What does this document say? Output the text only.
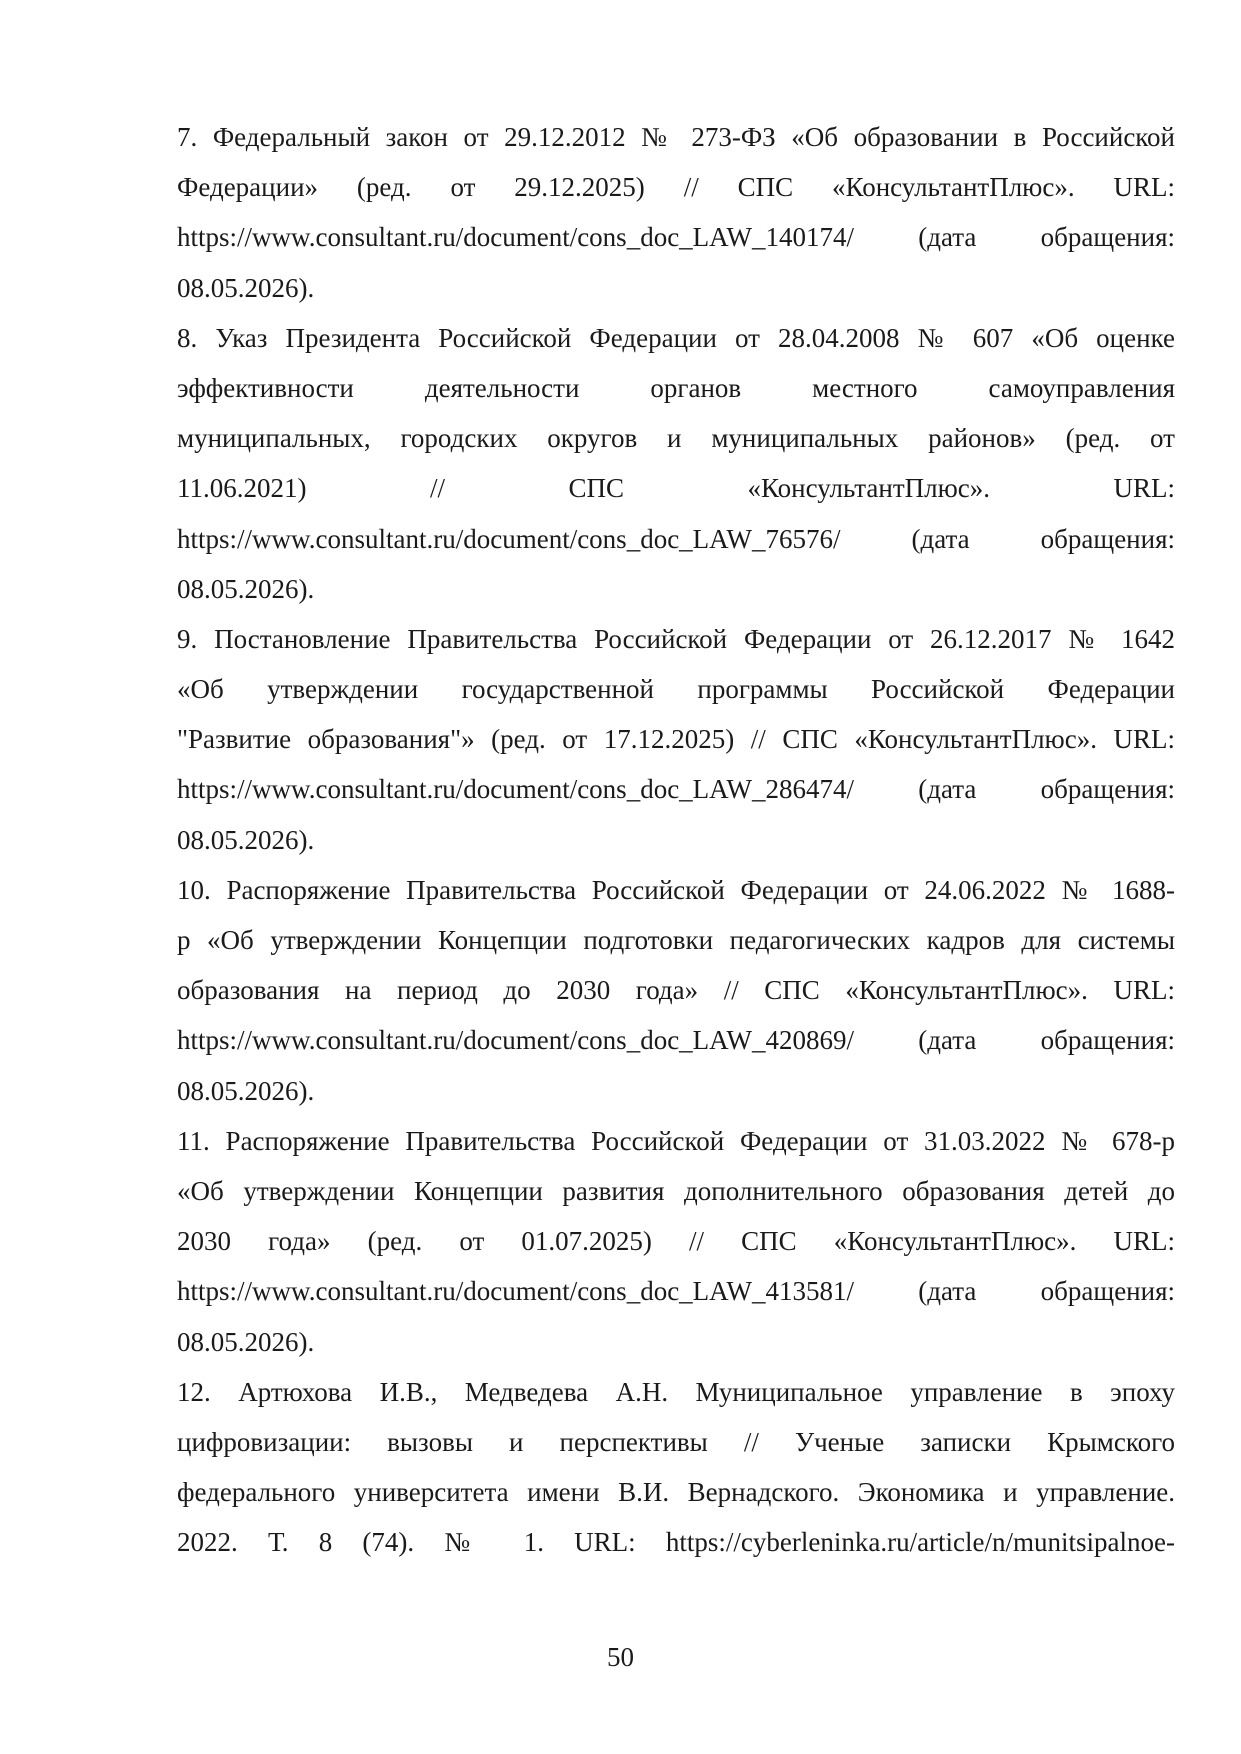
7. Федеральный закон от 29.12.2012 № 273-ФЗ «Об образовании в Российской
Федерации» (ред. от 29.12.2025) // СПС «КонсультантПлюс». URL:
https://www.consultant.ru/document/cons_doc_LAW_140174/ (дата обращения:
08.05.2026).
8. Указ Президента Российской Федерации от 28.04.2008 № 607 «Об оценке
эффективности деятельности органов местного самоуправления
муниципальных, городских округов и муниципальных районов» (ред. от
11.06.2021) // СПС «КонсультантПлюс». URL:
https://www.consultant.ru/document/cons_doc_LAW_76576/ (дата обращения:
08.05.2026).
9. Постановление Правительства Российской Федерации от 26.12.2017 № 1642
«Об утверждении государственной программы Российской Федерации
"Развитие образования"» (ред. от 17.12.2025) // СПС «КонсультантПлюс». URL:
https://www.consultant.ru/document/cons_doc_LAW_286474/ (дата обращения:
08.05.2026).
10. Распоряжение Правительства Российской Федерации от 24.06.2022 № 1688-
р «Об утверждении Концепции подготовки педагогических кадров для системы
образования на период до 2030 года» // СПС «КонсультантПлюс». URL:
https://www.consultant.ru/document/cons_doc_LAW_420869/ (дата обращения:
08.05.2026).
11. Распоряжение Правительства Российской Федерации от 31.03.2022 № 678-р
«Об утверждении Концепции развития дополнительного образования детей до
2030 года» (ред. от 01.07.2025) // СПС «КонсультантПлюс». URL:
https://www.consultant.ru/document/cons_doc_LAW_413581/ (дата обращения:
08.05.2026).
12. Артюхова И.В., Медведева А.Н. Муниципальное управление в эпоху
цифровизации: вызовы и перспективы // Ученые записки Крымского
федерального университета имени В.И. Вернадского. Экономика и управление.
2022. Т. 8 (74). № 1. URL: https://cyberleninka.ru/article/n/munitsipalnoe-
50
